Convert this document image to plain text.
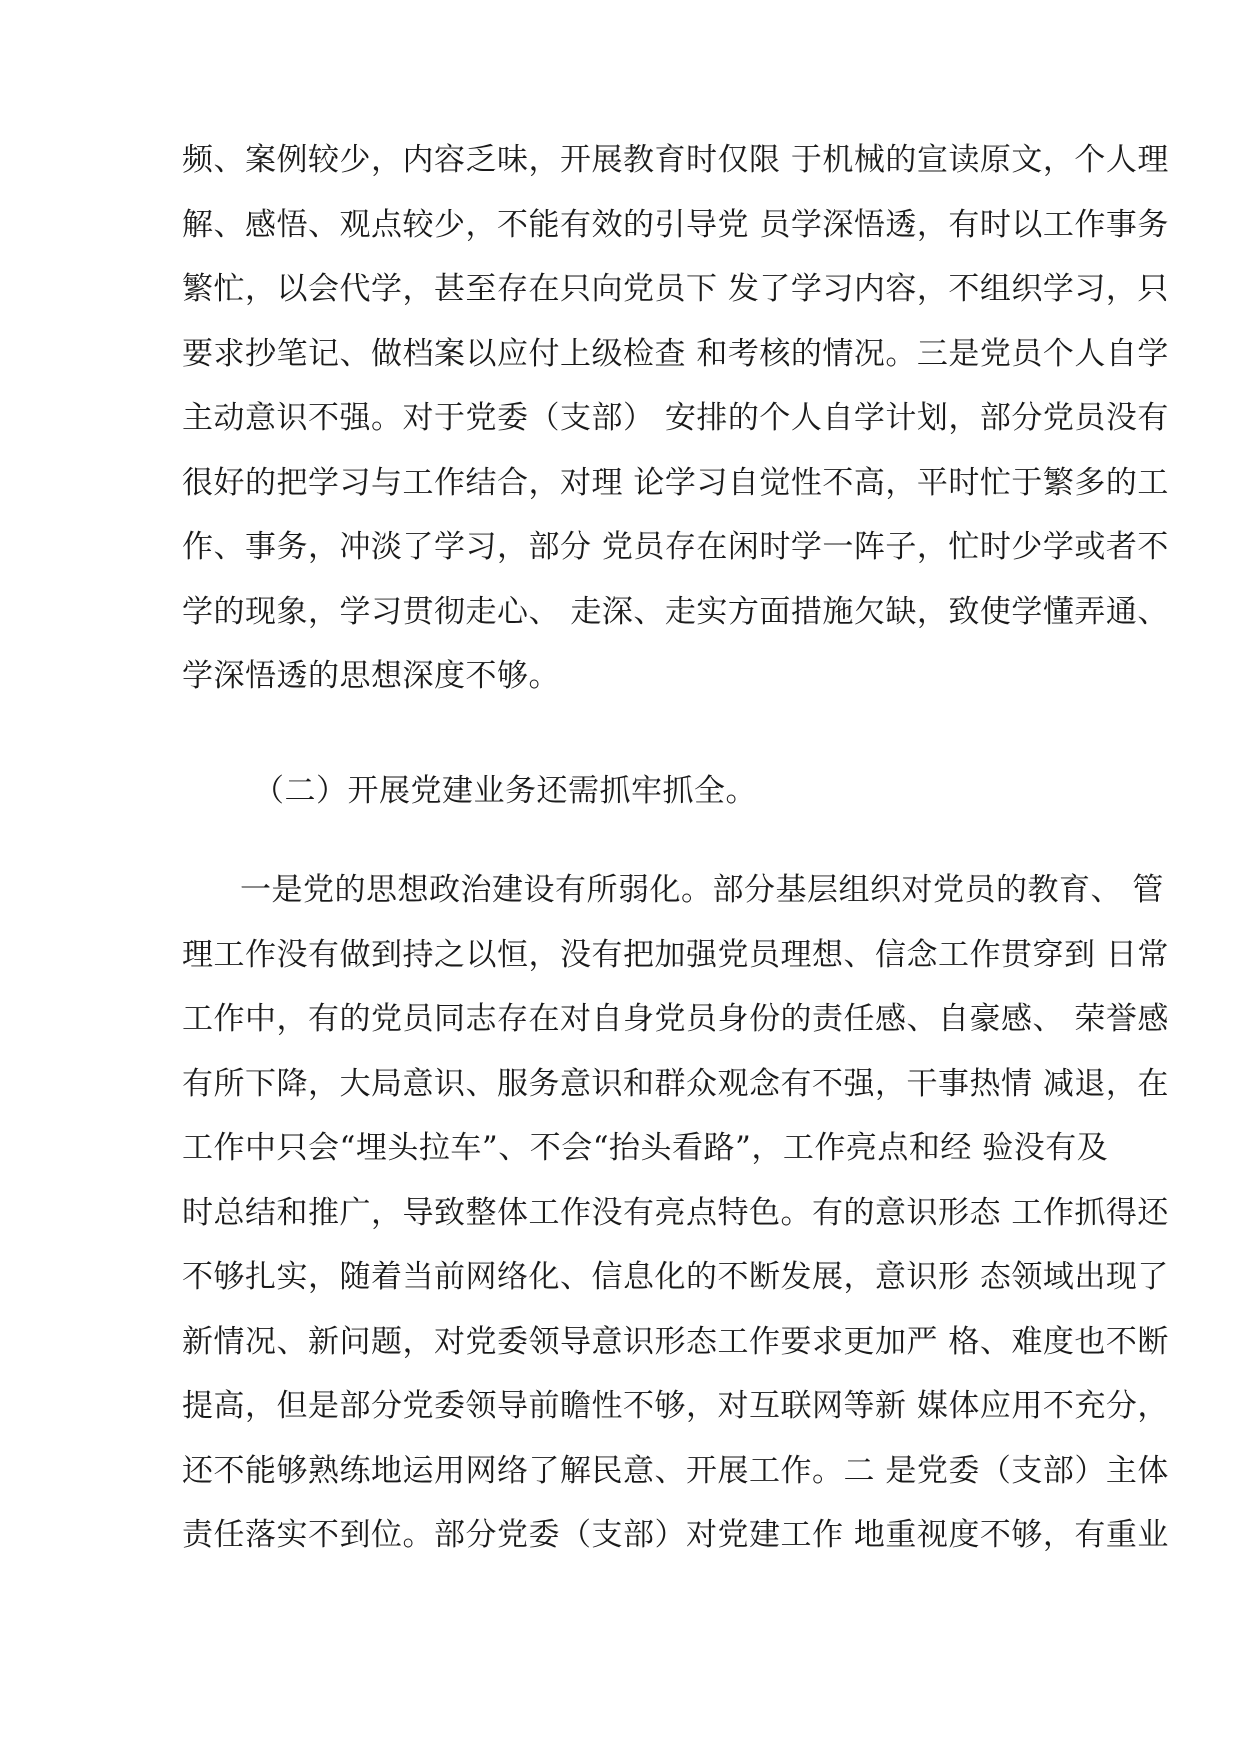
频、案例较少，内容乏味，开展教育时仅限 于机械的宣读原文，个人理
解、感悟、观点较少，不能有效的引导党 员学深悟透，有时以工作事务
繁忙，以会代学，甚至存在只向党员下 发了学习内容，不组织学习，只
要求抄笔记、做档案以应付上级检查 和考核的情况。三是党员个人自学
主动意识不强。对于党委（支部） 安排的个人自学计划，部分党员没有
很好的把学习与工作结合，对理 论学习自觉性不高，平时忙于繁多的工
作、事务，冲淡了学习，部分 党员存在闲时学一阵子，忙时少学或者不
学的现象，学习贯彻走心、 走深、走实方面措施欠缺，致使学懂弄通、
学深悟透的思想深度不够。
（二）开展党建业务还需抓牢抓全。
一是党的思想政治建设有所弱化。部分基层组织对党员的教育、 管
理工作没有做到持之以恒，没有把加强党员理想、信念工作贯穿到 日常
工作中，有的党员同志存在对自身党员身份的责任感、自豪感、 荣誉感
有所下降，大局意识、服务意识和群众观念有不强，干事热情 减退，在
工作中只会“埋头拉车”、不会“抬头看路”，工作亮点和经 验没有及
时总结和推广，导致整体工作没有亮点特色。有的意识形态 工作抓得还
不够扎实，随着当前网络化、信息化的不断发展，意识形 态领域出现了
新情况、新问题，对党委领导意识形态工作要求更加严 格、难度也不断
提高，但是部分党委领导前瞻性不够，对互联网等新 媒体应用不充分，
还不能够熟练地运用网络了解民意、开展工作。二 是党委（支部）主体
责任落实不到位。部分党委（支部）对党建工作 地重视度不够，有重业
